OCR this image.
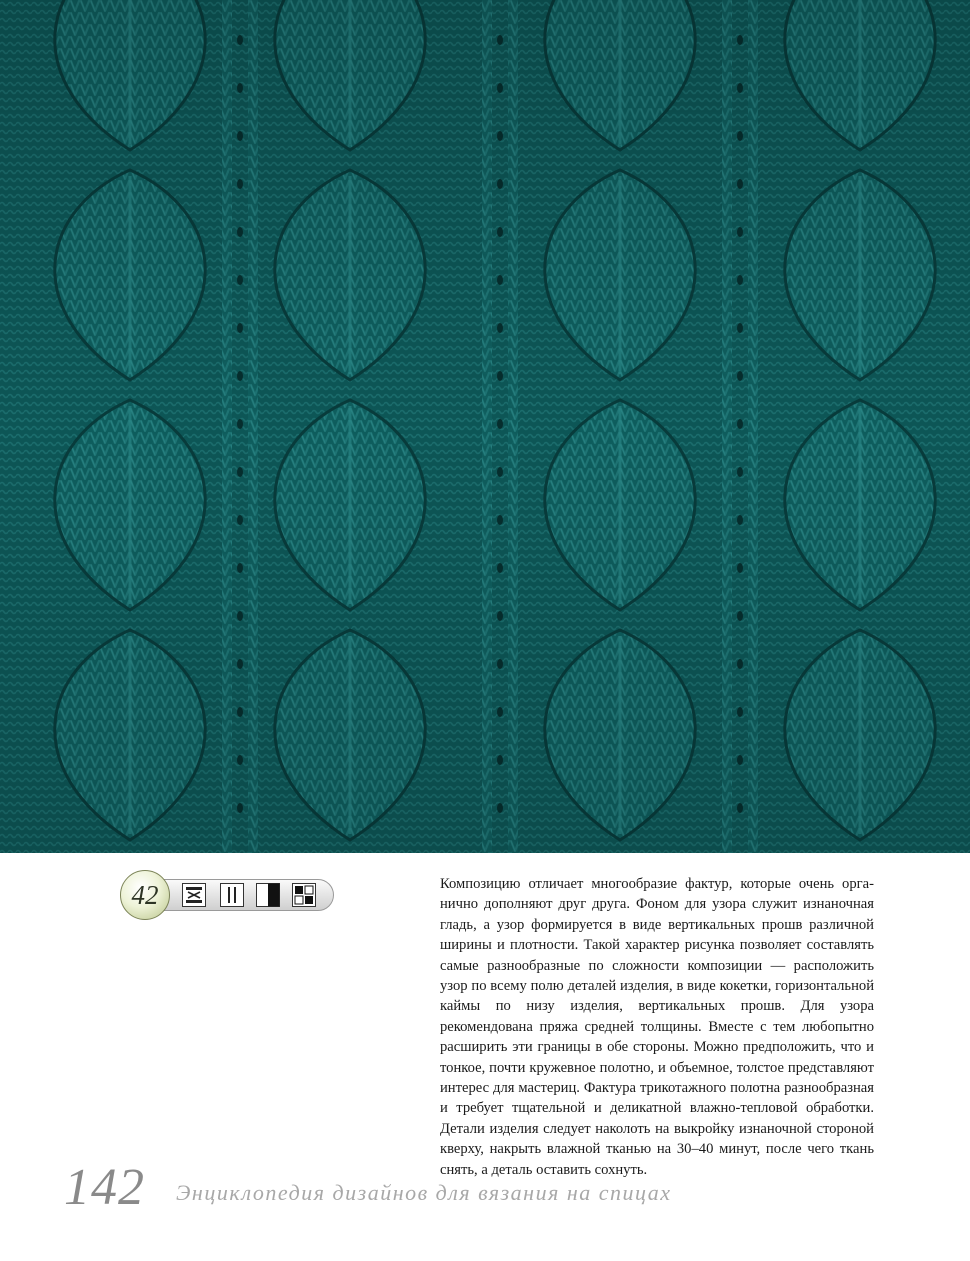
42	Композицию отличает многообразие фактур, которые очень органично дополняют друг друга. Фоном для узора служит изнаночная гладь, а узор формируется в виде вертикальных прошв различной ширины и плотности. Такой характер рисунка позволяет составлять самые разнообразные по сложности композиции — расположить узор по всему полю деталей изделия, в виде кокетки, горизонтальной каймы по низу изделия, вертикальных прошв. Для узора рекомендована пряжа средней толщины. Вместе с тем любопытно расширить эти границы в обе стороны. Можно предположить, что и тонкое, почти кружевное полотно, и объемное, толстое представляют интерес для мастериц. Фактура трикотажного полотна разнообразная и требует тщательной и деликатной влажно-тепловой обработки. Детали изделия следует наколоть на выкройку изнаночной стороной кверху, накрыть влажной тканью на 30–40 минут, после чего ткань снять, а деталь оставить сохнуть.
142 Энциклопедия дизайнов для вязания на спицах
